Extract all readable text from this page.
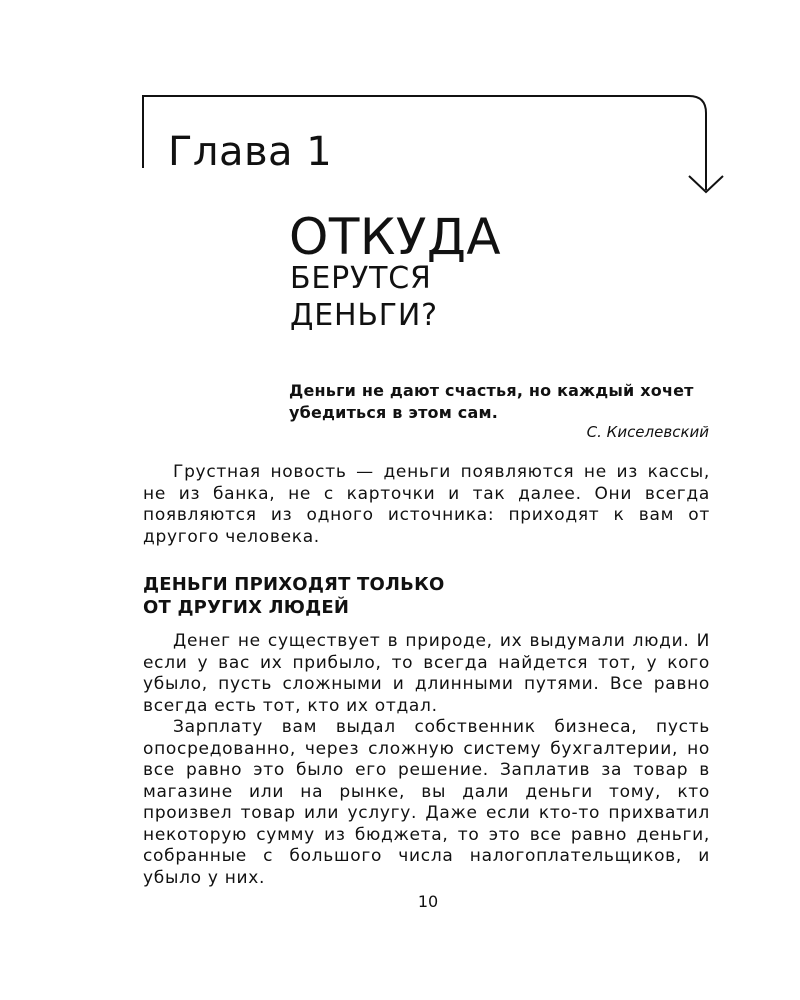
Глава 1
ОТКУДА
БЕРУТСЯ
ДЕНЬГИ?
Деньги не дают счастья, но каждый хочет
убедиться в этом сам.
С. Киселевский

Грустная новость — деньги появляются не из кассы, не из банка, не с карточки и так далее. Они всегда появляются из одного источника: приходят к вам от другого человека.

ДЕНЬГИ ПРИХОДЯТ ТОЛЬКО
ОТ ДРУГИХ ЛЮДЕЙ

Денег не существует в природе, их выдумали люди. И если у вас их прибыло, то всегда найдется тот, у кого убыло, пусть сложными и длинными путями. Все равно всегда есть тот, кто их отдал.

Зарплату вам выдал собственник бизнеса, пусть опосредованно, через сложную систему бухгалтерии, но все равно это было его решение. Заплатив за товар в магазине или на рынке, вы дали деньги тому, кто произвел товар или услугу. Даже если кто-то прихватил некоторую сумму из бюджета, то это все равно деньги, собранные с большого числа налогоплательщиков, и убыло у них.

10
